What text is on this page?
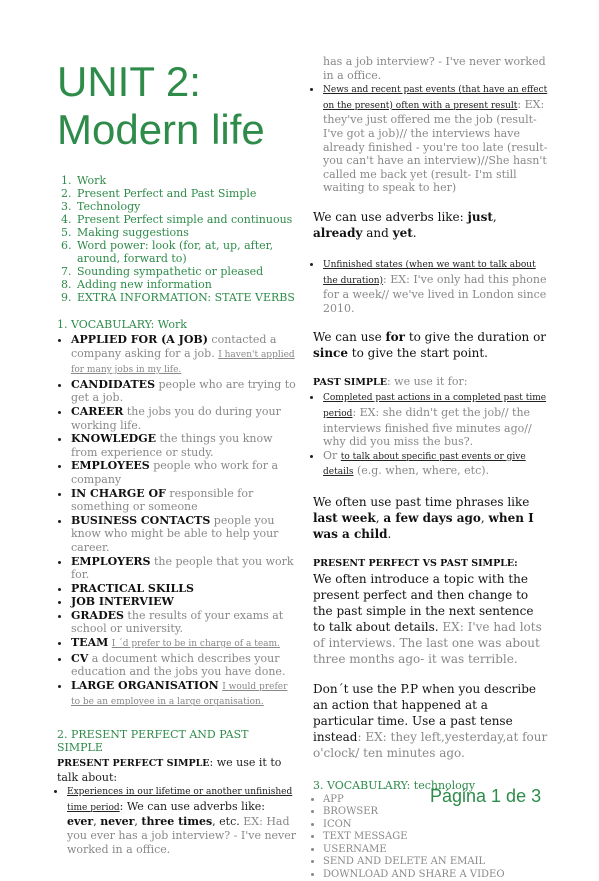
UNIT 2:
Modern life
1. Work
2. Present Perfect and Past Simple
3. Technology
4. Present Perfect simple and continuous
5. Making suggestions
6. Word power: look (for, at, up, after, around, forward to)
7. Sounding sympathetic or pleased
8. Adding new information
9. EXTRA INFORMATION: STATE VERBS
1. VOCABULARY: Work
• APPLIED FOR (A JOB) contacted a company asking for a job. I haven't applied for many jobs in my life.
• CANDIDATES people who are trying to get a job.
• CAREER the jobs you do during your working life.
• KNOWLEDGE the things you know from experience or study.
• EMPLOYEES people who work for a company
• IN CHARGE OF responsible for something or someone
• BUSINESS CONTACTS people you know who might be able to help your career.
• EMPLOYERS the people that you work for.
• PRACTICAL SKILLS
• JOB INTERVIEW
• GRADES the results of your exams at school or university.
• TEAM I ´d prefer to be in charge of a team.
• CV a document which describes your education and the jobs you have done.
• LARGE ORGANISATION I would prefer to be an employee in a large organisation.
2. PRESENT PERFECT AND PAST SIMPLE

PRESENT PERFECT SIMPLE: we use it to talk about:

• Experiences in our lifetime or another unfinished time period: We can use adverbs like: ever, never, three times, etc. EX: Had you ever has a job interview? - I've never worked in a office.
has a job interview? - I've never worked in a office.
• News and recent past events (that have an effect on the present) often with a present result: EX: they've just offered me the job (result- I've got a job)// the interviews have already finished - you're too late (result-you can't have an interview)//She hasn't called me back yet (result- I'm still waiting to speak to her)

We can use adverbs like: just, already and yet.

• Unfinished states (when we want to talk about the duration): EX: I've only had this phone for a week// we've lived in London since 2010.

We can use for to give the duration or since to give the start point.

PAST SIMPLE: we use it for:

• Completed past actions in a completed past time period: EX: she didn't get the job// the interviews finished five minutes ago// why did you miss the bus?.
• Or to talk about specific past events or give details (e.g. when, where, etc).

We often use past time phrases like last week, a few days ago, when I was a child.

PRESENT PERFECT VS PAST SIMPLE:

We often introduce a topic with the present perfect and then change to the past simple in the next sentence to talk about details. EX: I've had lots of interviews. The last one was about three months ago- it was terrible.

Don´t use the P.P when you describe an action that happened at a particular time. Use a past tense instead: EX: they left,yesterday,at four o'clock/ ten minutes ago.

3. VOCABULARY: technology
• APP
• BROWSER
• ICON
• TEXT MESSAGE
• USERNAME
• SEND AND DELETE AN EMAIL
• DOWNLOAD AND SHARE A VIDEO
Página 1 de 3
